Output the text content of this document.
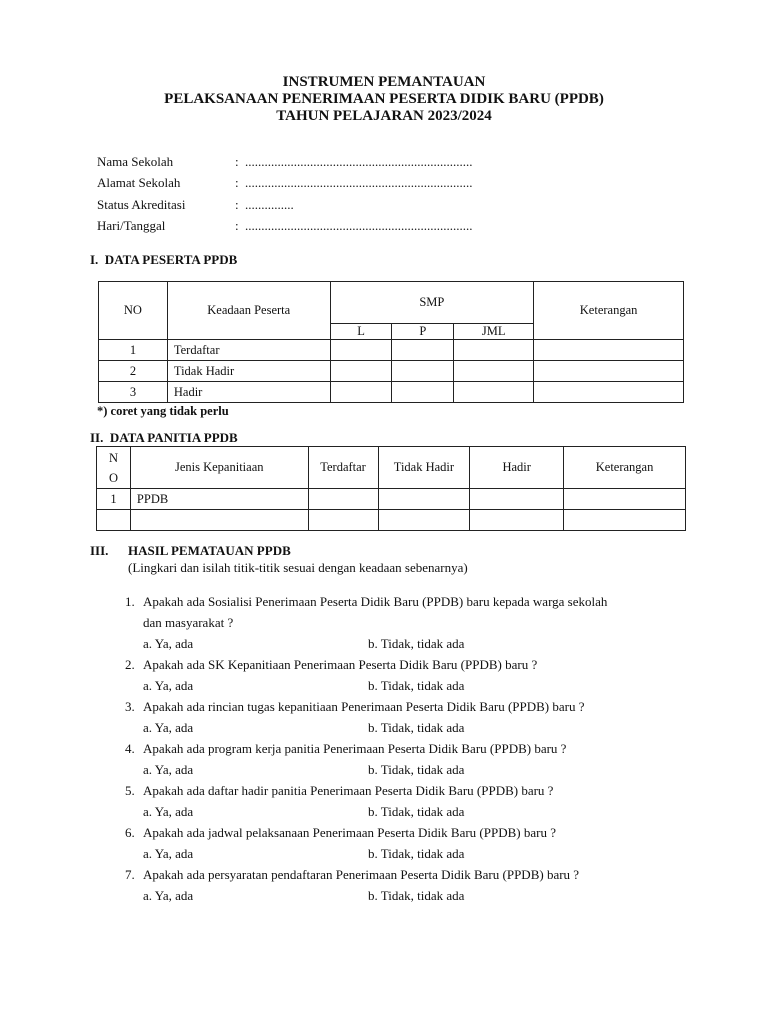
INSTRUMEN PEMANTAUAN
PELAKSANAAN PENERIMAAN PESERTA DIDIK BARU (PPDB)
TAHUN PELAJARAN 2023/2024
Nama Sekolah	: ......................................................................
Alamat Sekolah	: ......................................................................
Status Akreditasi	: ...............
Hari/Tanggal	: ......................................................................
I.  DATA PESERTA PPDB
NO	Keadaan Peserta	SMP			Keterangan
		L	P	JML	
1	Terdaftar				
2	Tidak Hadir				
3	Hadir				
*) coret yang tidak perlu
II.  DATA PANITIA PPDB
N
O	Jenis Kepanitiaan	Terdaftar	Tidak Hadir	Hadir	Keterangan
1	PPDB				

III. HASIL PEMATAUAN PPDB
(Lingkari dan isilah titik-titik sesuai dengan keadaan sebenarnya)
1. Apakah ada Sosialisi Penerimaan Peserta Didik Baru (PPDB) baru kepada warga sekolah
dan masyarakat ?
a. Ya, ada	b. Tidak, tidak ada
2. Apakah ada SK Kepanitiaan Penerimaan Peserta Didik Baru (PPDB) baru ?
a. Ya, ada	b. Tidak, tidak ada
3. Apakah ada rincian tugas kepanitiaan Penerimaan Peserta Didik Baru (PPDB) baru ?
a. Ya, ada	b. Tidak, tidak ada
4. Apakah ada program kerja panitia Penerimaan Peserta Didik Baru (PPDB) baru ?
a. Ya, ada	b. Tidak, tidak ada
5. Apakah ada daftar hadir panitia Penerimaan Peserta Didik Baru (PPDB) baru ?
a. Ya, ada	b. Tidak, tidak ada
6. Apakah ada jadwal pelaksanaan Penerimaan Peserta Didik Baru (PPDB) baru ?
a. Ya, ada	b. Tidak, tidak ada
7. Apakah ada persyaratan pendaftaran Penerimaan Peserta Didik Baru (PPDB) baru ?
a. Ya, ada	b. Tidak, tidak ada
